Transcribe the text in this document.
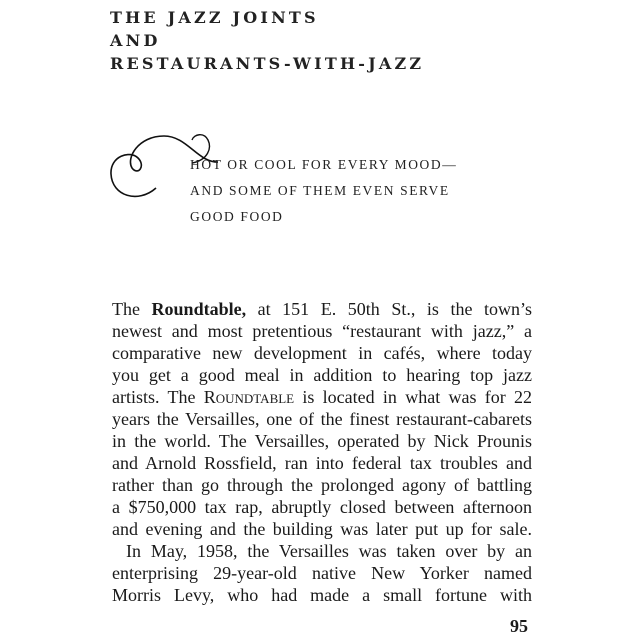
THE JAZZ JOINTS
AND
RESTAURANTS-WITH-JAZZ
HOT OR COOL FOR EVERY MOOD—
AND SOME OF THEM EVEN SERVE
GOOD FOOD
The Roundtable, at 151 E. 50th St., is the town’s
newest and most pretentious “restaurant with jazz,” a
comparative new development in cafés, where today
you get a good meal in addition to hearing top jazz
artists. The Roundtable is located in what was for 22
years the Versailles, one of the finest restaurant-cabarets
in the world. The Versailles, operated by Nick Prounis
and Arnold Rossfield, ran into federal tax troubles and
rather than go through the prolonged agony of battling
a $750,000 tax rap, abruptly closed between afternoon
and evening and the building was later put up for sale.
In May, 1958, the Versailles was taken over by an
enterprising 29-year-old native New Yorker named
Morris Levy, who had made a small fortune with
95
